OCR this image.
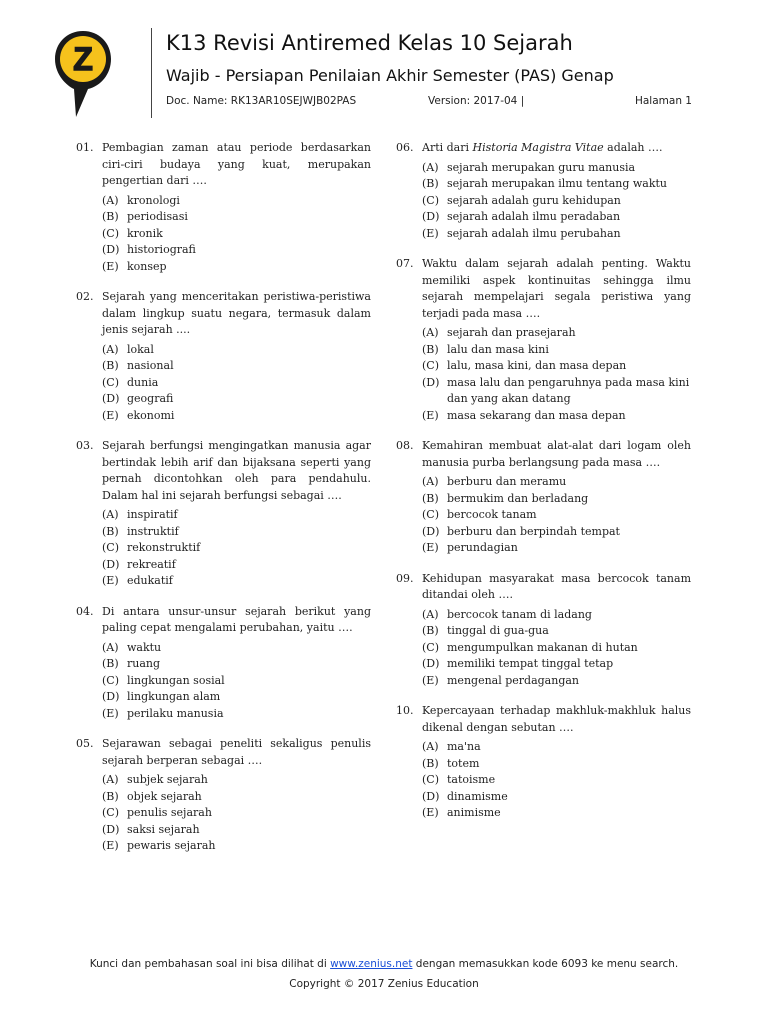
Z	K13 Revisi Antiremed Kelas 10 Sejarah
Wajib - Persiapan Penilaian Akhir Semester (PAS) Genap
Doc. Name: RK13AR10SEJWJB02PAS	Version: 2017-04 |	Halaman 1
01. Pembagian zaman atau periode berdasarkan ciri-ciri budaya yang kuat, merupakan pengertian dari ….
(A) kronologi
(B) periodisasi
(C) kronik
(D) historiografi
(E) konsep
02. Sejarah yang menceritakan peristiwa-peristiwa dalam lingkup suatu negara, termasuk dalam jenis sejarah ....
(A) lokal
(B) nasional
(C) dunia
(D) geografi
(E) ekonomi
03. Sejarah berfungsi mengingatkan manusia agar bertindak lebih arif dan bijaksana seperti yang pernah dicontohkan oleh para pendahulu. Dalam hal ini sejarah berfungsi sebagai ….
(A) inspiratif
(B) instruktif
(C) rekonstruktif
(D) rekreatif
(E) edukatif
04. Di antara unsur-unsur sejarah berikut yang paling cepat mengalami perubahan, yaitu ….
(A) waktu
(B) ruang
(C) lingkungan sosial
(D) lingkungan alam
(E) perilaku manusia
05. Sejarawan sebagai peneliti sekaligus penulis sejarah berperan sebagai ….
(A) subjek sejarah
(B) objek sejarah
(C) penulis sejarah
(D) saksi sejarah
(E) pewaris sejarah
06. Arti dari Historia Magistra Vitae adalah ….
(A) sejarah merupakan guru manusia
(B) sejarah merupakan ilmu tentang waktu
(C) sejarah adalah guru kehidupan
(D) sejarah adalah ilmu peradaban
(E) sejarah adalah ilmu perubahan
07. Waktu dalam sejarah adalah penting. Waktu memiliki aspek kontinuitas sehingga ilmu sejarah mempelajari segala peristiwa yang terjadi pada masa ….
(A) sejarah dan prasejarah
(B) lalu dan masa kini
(C) lalu, masa kini, dan masa depan
(D) masa lalu dan pengaruhnya pada masa kini dan yang akan datang
(E) masa sekarang dan masa depan
08. Kemahiran membuat alat-alat dari logam oleh manusia purba berlangsung pada masa ….
(A) berburu dan meramu
(B) bermukim dan berladang
(C) bercocok tanam
(D) berburu dan berpindah tempat
(E) perundagian
09. Kehidupan masyarakat masa bercocok tanam ditandai oleh ….
(A) bercocok tanam di ladang
(B) tinggal di gua-gua
(C) mengumpulkan makanan di hutan
(D) memiliki tempat tinggal tetap
(E) mengenal perdagangan
10. Kepercayaan terhadap makhluk-makhluk halus dikenal dengan sebutan ….
(A) ma'na
(B) totem
(C) tatoisme
(D) dinamisme
(E) animisme
Kunci dan pembahasan soal ini bisa dilihat di www.zenius.net dengan memasukkan kode 6093 ke menu search.
Copyright © 2017 Zenius Education
